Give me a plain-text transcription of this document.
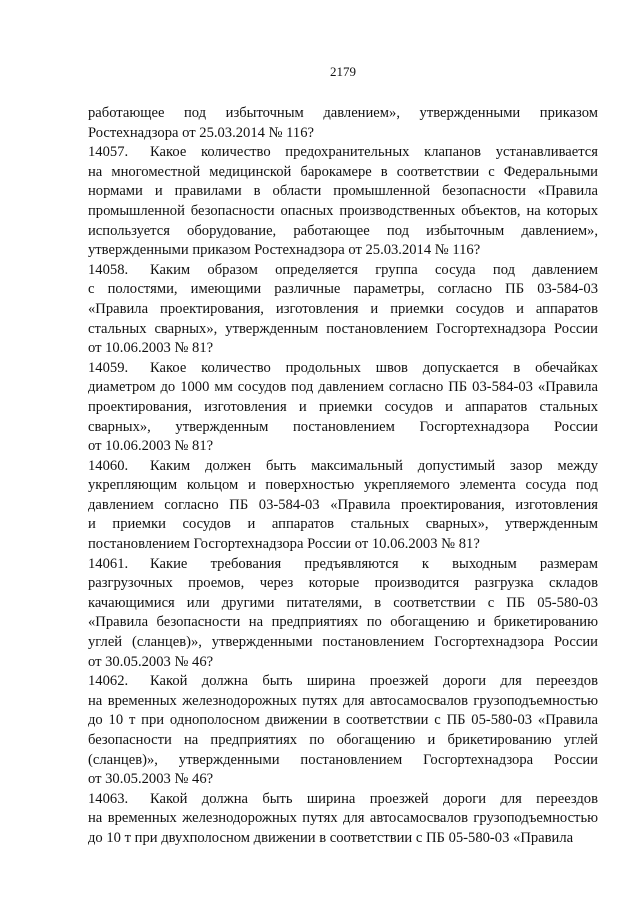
2179
работающее под избыточным давлением», утвержденными приказом
Ростехнадзора от 25.03.2014 № 116?
14057. Какое количество предохранительных клапанов устанавливается
на многоместной медицинской барокамере в соответствии с Федеральными
нормами и правилами в области промышленной безопасности «Правила
промышленной безопасности опасных производственных объектов, на которых
используется оборудование, работающее под избыточным давлением»,
утвержденными приказом Ростехнадзора от 25.03.2014 № 116?
14058. Каким образом определяется группа сосуда под давлением
с полостями, имеющими различные параметры, согласно ПБ 03-584-03
«Правила проектирования, изготовления и приемки сосудов и аппаратов
стальных сварных», утвержденным постановлением Госгортехнадзора России
от 10.06.2003 № 81?
14059. Какое количество продольных швов допускается в обечайках
диаметром до 1000 мм сосудов под давлением согласно ПБ 03-584-03 «Правила
проектирования, изготовления и приемки сосудов и аппаратов стальных
сварных», утвержденным постановлением Госгортехнадзора России
от 10.06.2003 № 81?
14060. Каким должен быть максимальный допустимый зазор между
укрепляющим кольцом и поверхностью укрепляемого элемента сосуда под
давлением согласно ПБ 03-584-03 «Правила проектирования, изготовления
и приемки сосудов и аппаратов стальных сварных», утвержденным
постановлением Госгортехнадзора России от 10.06.2003 № 81?
14061. Какие требования предъявляются к выходным размерам
разгрузочных проемов, через которые производится разгрузка складов
качающимися или другими питателями, в соответствии с ПБ 05-580-03
«Правила безопасности на предприятиях по обогащению и брикетированию
углей (сланцев)», утвержденными постановлением Госгортехнадзора России
от 30.05.2003 № 46?
14062. Какой должна быть ширина проезжей дороги для переездов
на временных железнодорожных путях для автосамосвалов грузоподъемностью
до 10 т при однополосном движении в соответствии с ПБ 05-580-03 «Правила
безопасности на предприятиях по обогащению и брикетированию углей
(сланцев)», утвержденными постановлением Госгортехнадзора России
от 30.05.2003 № 46?
14063. Какой должна быть ширина проезжей дороги для переездов
на временных железнодорожных путях для автосамосвалов грузоподъемностью
до 10 т при двухполосном движении в соответствии с ПБ 05-580-03 «Правила
